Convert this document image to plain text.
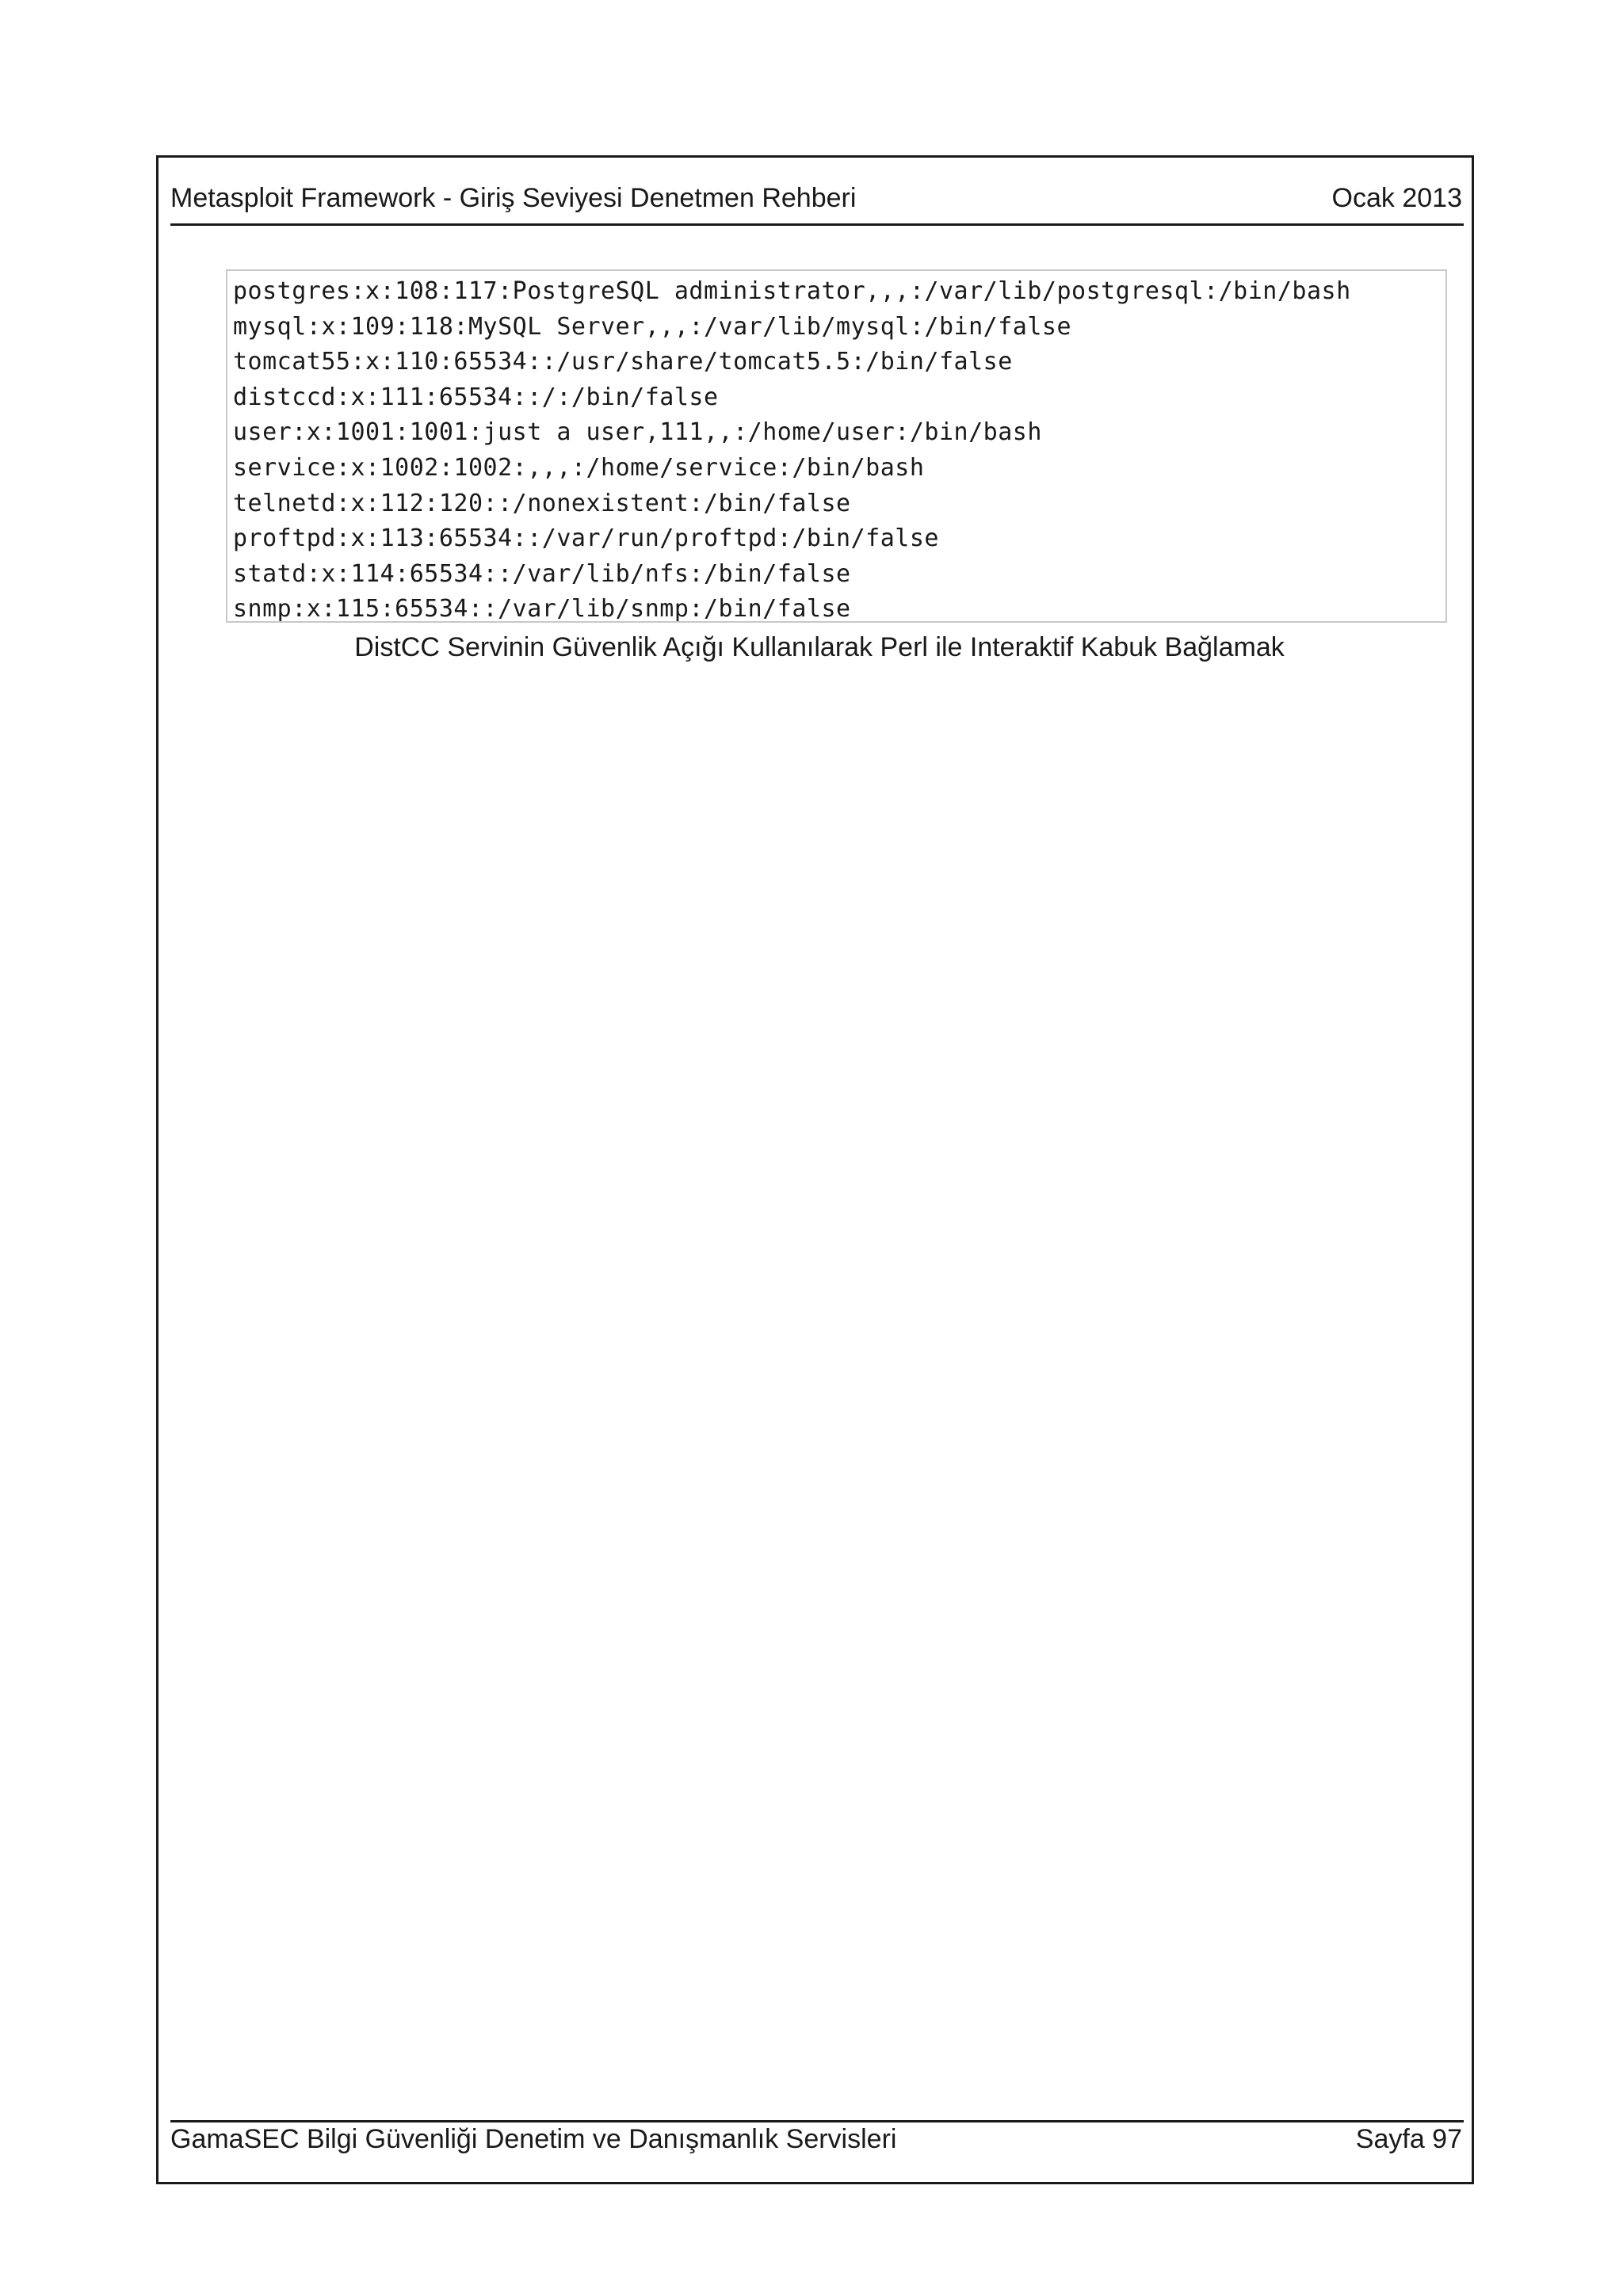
Metasploit Framework - Giriş Seviyesi Denetmen Rehberi	Ocak 2013
postgres:x:108:117:PostgreSQL administrator,,,:/var/lib/postgresql:/bin/bash
mysql:x:109:118:MySQL Server,,,:/var/lib/mysql:/bin/false
tomcat55:x:110:65534::/usr/share/tomcat5.5:/bin/false
distccd:x:111:65534::/:/bin/false
user:x:1001:1001:just a user,111,,:/home/user:/bin/bash
service:x:1002:1002:,,,:/home/service:/bin/bash
telnetd:x:112:120::/nonexistent:/bin/false
proftpd:x:113:65534::/var/run/proftpd:/bin/false
statd:x:114:65534::/var/lib/nfs:/bin/false
snmp:x:115:65534::/var/lib/snmp:/bin/false
DistCC Servinin Güvenlik Açığı Kullanılarak Perl ile Interaktif Kabuk Bağlamak
GamaSEC Bilgi Güvenliği Denetim ve Danışmanlık Servisleri	Sayfa 97
